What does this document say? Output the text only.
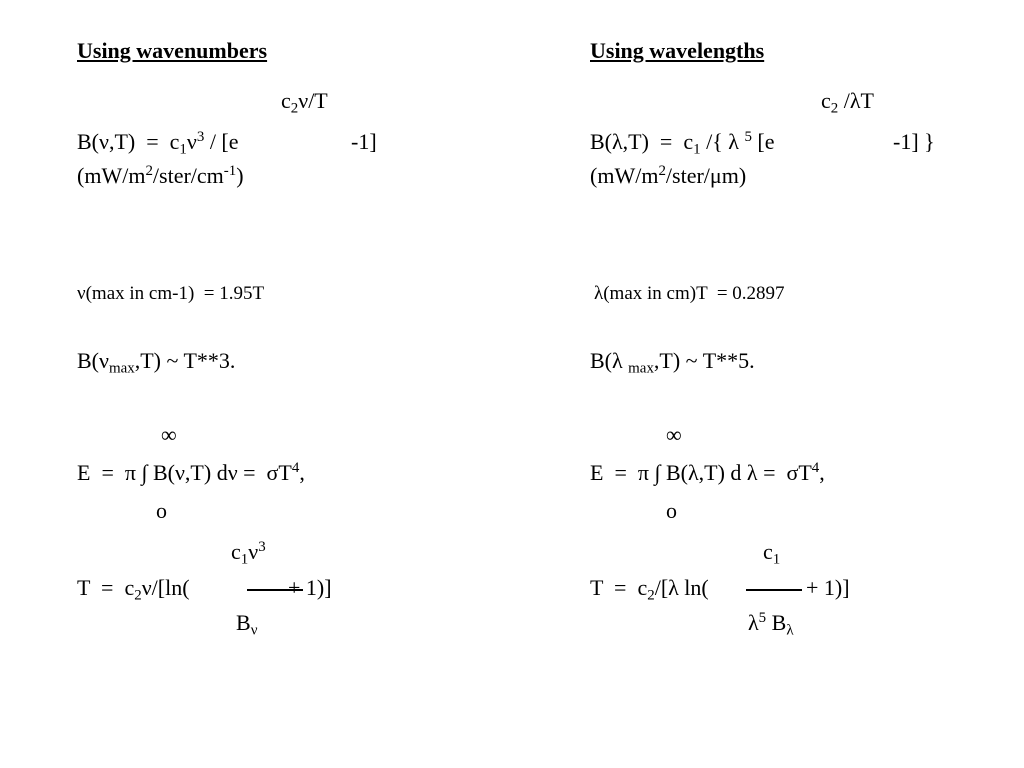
Using wavenumbers
$c_2\nu/T$
$B(\nu,T) = c_1\nu^3 / [e$	-1]
$(mW/m^2/ster/cm^{-1})$
ν(max in cm-1)  = 1.95T
$B(\nu_{max},T)$ ~ T**3.
∞
E  =  π ∫ B(ν,T) $d\nu = \sigma T^4$,
o
$c_1\nu^3$
$T = c_2\nu/[\ln$(	+ 1)]
$B_\nu$
Using wavelengths
$c_2$ /λT
$B(\lambda,T) = c_1$ /{ λ $^5$ [e	-1] }
$(mW/m^2/ster/\mu m)$
λ(max in cm)T  = 0.2897
B(λ $_{max}$,T) ~ T**5.
∞
E  =  π ∫ B(λ,T) d $\lambda = \sigma T^4$,
o
$c_1$
$T = c_2/[\lambda$ ln(	+ 1)]
$\lambda^5$ $B_\lambda$
